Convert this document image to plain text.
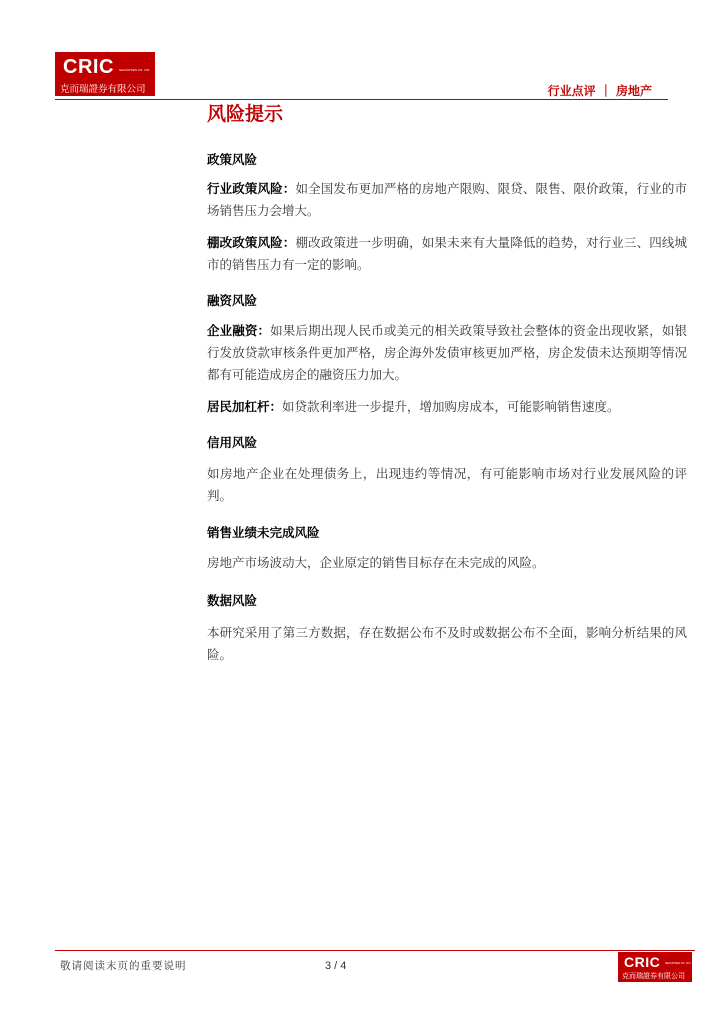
CRIC SECURITIES CO. LTD
克而瑞證券有限公司	行业点评 ｜ 房地产
风险提示
政策风险
行业政策风险：如全国发布更加严格的房地产限购、限贷、限售、限价政策，行业的市场销售压力会增大。
棚改政策风险：棚改政策进一步明确，如果未来有大量降低的趋势，对行业三、四线城市的销售压力有一定的影响。
融资风险
企业融资：如果后期出现人民币或美元的相关政策导致社会整体的资金出现收紧，如银行发放贷款审核条件更加严格，房企海外发债审核更加严格，房企发债未达预期等情况都有可能造成房企的融资压力加大。
居民加杠杆：如贷款利率进一步提升，增加购房成本，可能影响销售速度。
信用风险
如房地产企业在处理债务上，出现违约等情况，有可能影响市场对行业发展风险的评判。
销售业绩未完成风险
房地产市场波动大，企业原定的销售目标存在未完成的风险。
数据风险
本研究采用了第三方数据，存在数据公布不及时或数据公布不全面，影响分析结果的风险。
敬请阅读末页的重要说明	3 / 4	CRIC SECURITIES CO. LTD
克而瑞證券有限公司
